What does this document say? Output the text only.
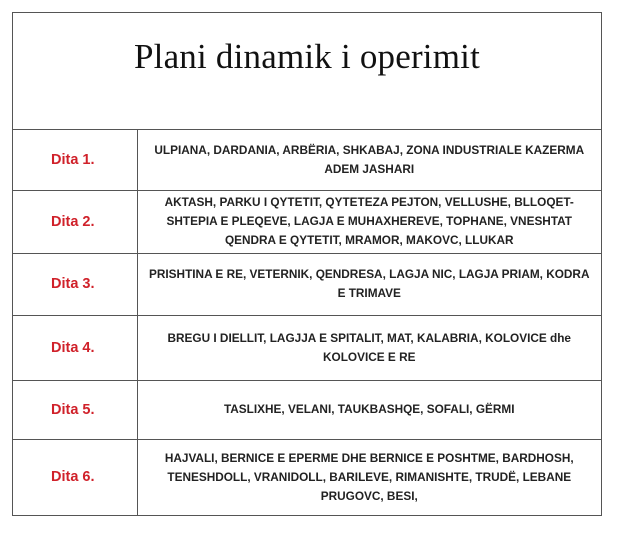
Plani dinamik i operimit
Dita 1.	ULPIANA, DARDANIA, ARBËRIA, SHKABAJ, ZONA INDUSTRIALE KAZERMA ADEM JASHARI
Dita 2.	AKTASH, PARKU I QYTETIT, QYTETEZA PEJTON, VELLUSHE, BLLOQET- SHTEPIA E PLEQEVE, LAGJA E MUHAXHEREVE, TOPHANE, VNESHTAT QENDRA E QYTETIT, MRAMOR, MAKOVC, LLUKAR
Dita 3.	PRISHTINA E RE, VETERNIK, QENDRESA, LAGJA NIC, LAGJA PRIAM, KODRA E TRIMAVE
Dita 4.	BREGU I DIELLIT, LAGJJA E SPITALIT, MAT, KALABRIA, KOLOVICE dhe KOLOVICE E RE
Dita 5.	TASLIXHE, VELANI, TAUKBASHQE, SOFALI, GËRMI
Dita 6.	HAJVALI, BERNICE E EPERME DHE BERNICE E POSHTME, BARDHOSH, TENESHDOLL, VRANIDOLL, BARILEVE, RIMANISHTE, TRUDË, LEBANE PRUGOVC, BESI,
